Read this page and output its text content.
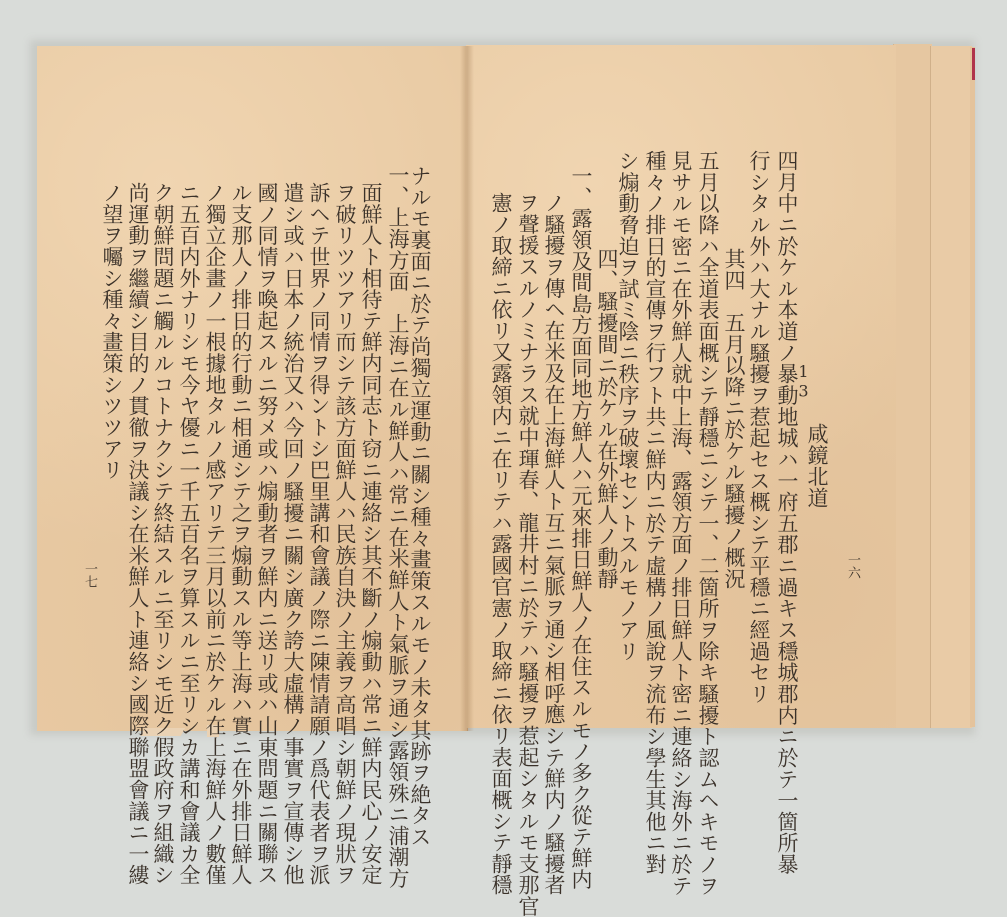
13
咸鏡北道
四月中ニ於ケル本道ノ暴動地城ハ一府五郡ニ過キス穩城郡内ニ於テ一箇所暴
行シタル外ハ大ナル騷擾ヲ惹起セス概シテ平穩ニ經過セリ
其四　五月以降ニ於ケル騷擾ノ概況
五月以降ハ全道表面概シテ靜穩ニシテ一、二箇所ヲ除キ騷擾ト認ムヘキモノヲ
見サルモ密ニ在外鮮人就中上海、露領方面ノ排日鮮人ト密ニ連絡シ海外ニ於テ
種々ノ排日的宣傳ヲ行フト共ニ鮮内ニ於テ虛構ノ風說ヲ流布シ學生其他ニ對
シ煽動脅迫ヲ試ミ陰ニ秩序ヲ破壞セントスルモノアリ
四、騷擾間ニ於ケル在外鮮人ノ動靜
一、露領及間島方面同地方鮮人ハ元來排日鮮人ノ在住スルモノ多ク從テ鮮内
ノ騷擾ヲ傳ヘ在米及在上海鮮人ト互ニ氣脈ヲ通シ相呼應シテ鮮内ノ騷擾者
ヲ聲援スルノミナラス就中琿春、龍井村ニ於テハ騷擾ヲ惹起シタルモ支那官
憲ノ取締ニ依リ又露領内ニ在リテハ露國官憲ノ取締ニ依リ表面概シテ靜穩	一六
ナルモ裏面ニ於テ尚獨立運動ニ關シ種々畫策スルモノ未タ其跡ヲ絶タス
一、上海方面　上海ニ在ル鮮人ハ常ニ在米鮮人ト氣脈ヲ通シ露領殊ニ浦潮方
面鮮人ト相待テ鮮内同志ト窃ニ連絡シ其不斷ノ煽動ハ常ニ鮮内民心ノ安定
ヲ破リツツアリ而シテ該方面鮮人ハ民族自決ノ主義ヲ高唱シ朝鮮ノ現狀ヲ
訴ヘテ世界ノ同情ヲ得ントシ巴里講和會議ノ際ニ陳情請願ノ爲代表者ヲ派
遣シ或ハ日本ノ統治又ハ今回ノ騷擾ニ關シ廣ク誇大虛構ノ事實ヲ宣傳シ他
國ノ同情ヲ喚起スルニ努メ或ハ煽動者ヲ鮮内ニ送リ或ハ山東問題ニ關聯ス
ル支那人ノ排日的行動ニ相通シテ之ヲ煽動スル等上海ハ實ニ在外排日鮮人
ノ獨立企畫ノ一根據地タルノ感アリテ三月以前ニ於ケル在上海鮮人ノ數僅
ニ五百内外ナリシモ今ヤ優ニ一千五百名ヲ算スルニ至リシカ講和會議カ全
ク朝鮮問題ニ觸ルルコトナクシテ終結スルニ至リシモ近ク假政府ヲ組織シ
尚運動ヲ繼續シ目的ノ貫徹ヲ決議シ在米鮮人ト連絡シ國際聯盟會議ニ一縷
ノ望ヲ囑シ種々畫策シツツアリ
一七
